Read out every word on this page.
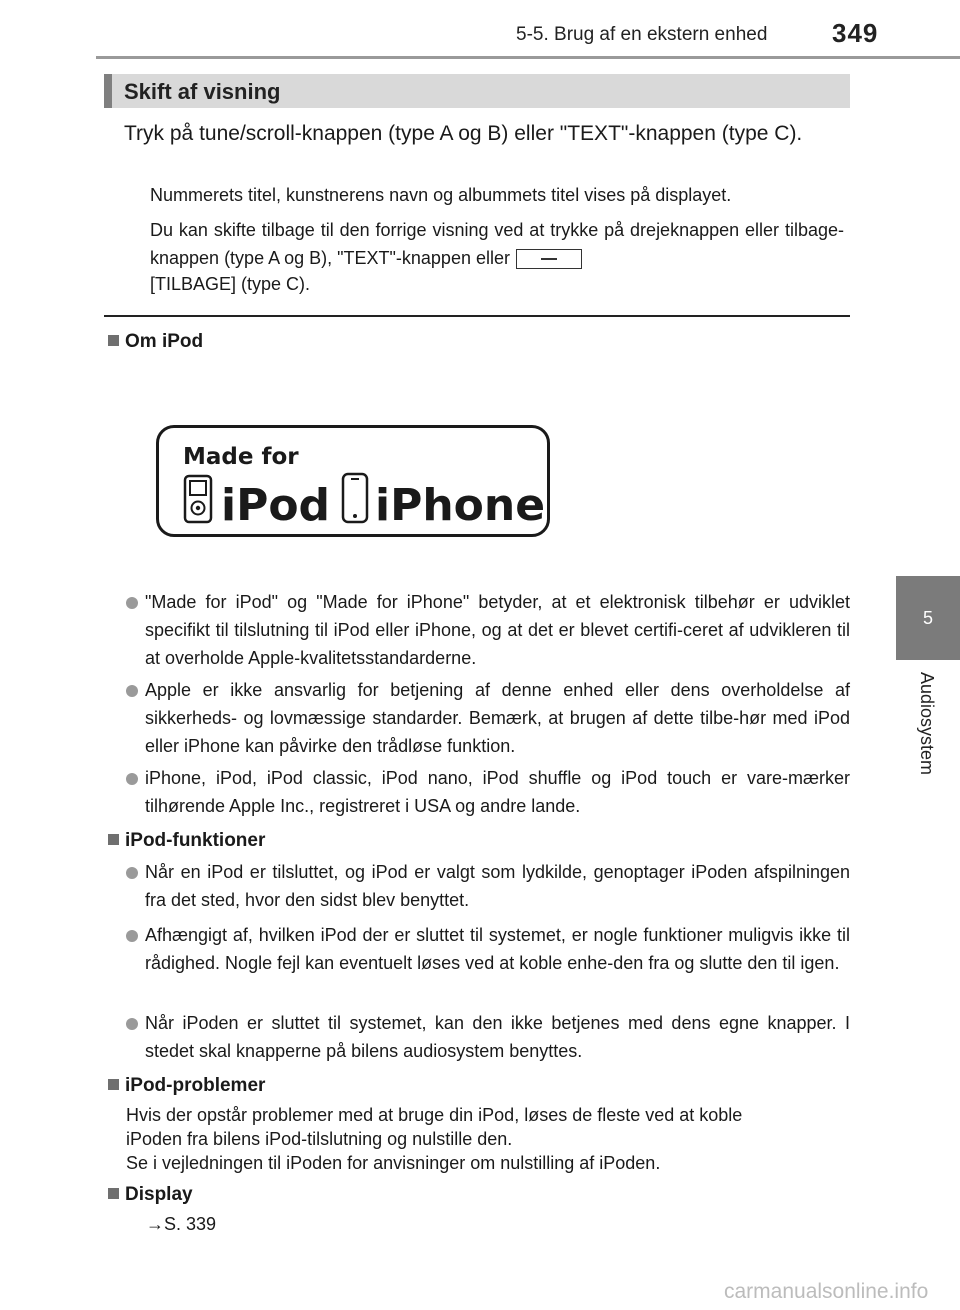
5-5. Brug af en ekstern enhed 349
5
Audiosystem
Skift af visning
Tryk på tune/scroll-knappen (type A og B) eller "TEXT"-knappen (type C).
Nummerets titel, kunstnerens navn og albummets titel vises på displayet.
Du kan skifte tilbage til den forrige visning ved at trykke på drejeknappen eller tilbage-knappen (type A og B), "TEXT"-knappen eller
[TILBAGE] (type C).
Om iPod
Made for
iPod iPhone
"Made for iPod" og "Made for iPhone" betyder, at et elektronisk tilbehør er udviklet specifikt til tilslutning til iPod eller iPhone, og at det er blevet certifi-ceret af udvikleren til at overholde Apple-kvalitetsstandarderne.
Apple er ikke ansvarlig for betjening af denne enhed eller dens overholdelse af sikkerheds- og lovmæssige standarder. Bemærk, at brugen af dette tilbe-hør med iPod eller iPhone kan påvirke den trådløse funktion.
iPhone, iPod, iPod classic, iPod nano, iPod shuffle og iPod touch er vare-mærker tilhørende Apple Inc., registreret i USA og andre lande.
iPod-funktioner
Når en iPod er tilsluttet, og iPod er valgt som lydkilde, genoptager iPoden afspilningen fra det sted, hvor den sidst blev benyttet.
Afhængigt af, hvilken iPod der er sluttet til systemet, er nogle funktioner muligvis ikke til rådighed. Nogle fejl kan eventuelt løses ved at koble enhe-den fra og slutte den til igen.
Når iPoden er sluttet til systemet, kan den ikke betjenes med dens egne knapper. I stedet skal knapperne på bilens audiosystem benyttes.
iPod-problemer
Hvis der opstår problemer med at bruge din iPod, løses de fleste ved at koble
iPoden fra bilens iPod-tilslutning og nulstille den.
Se i vejledningen til iPoden for anvisninger om nulstilling af iPoden.
Display
→S. 339
carmanualsonline.info
